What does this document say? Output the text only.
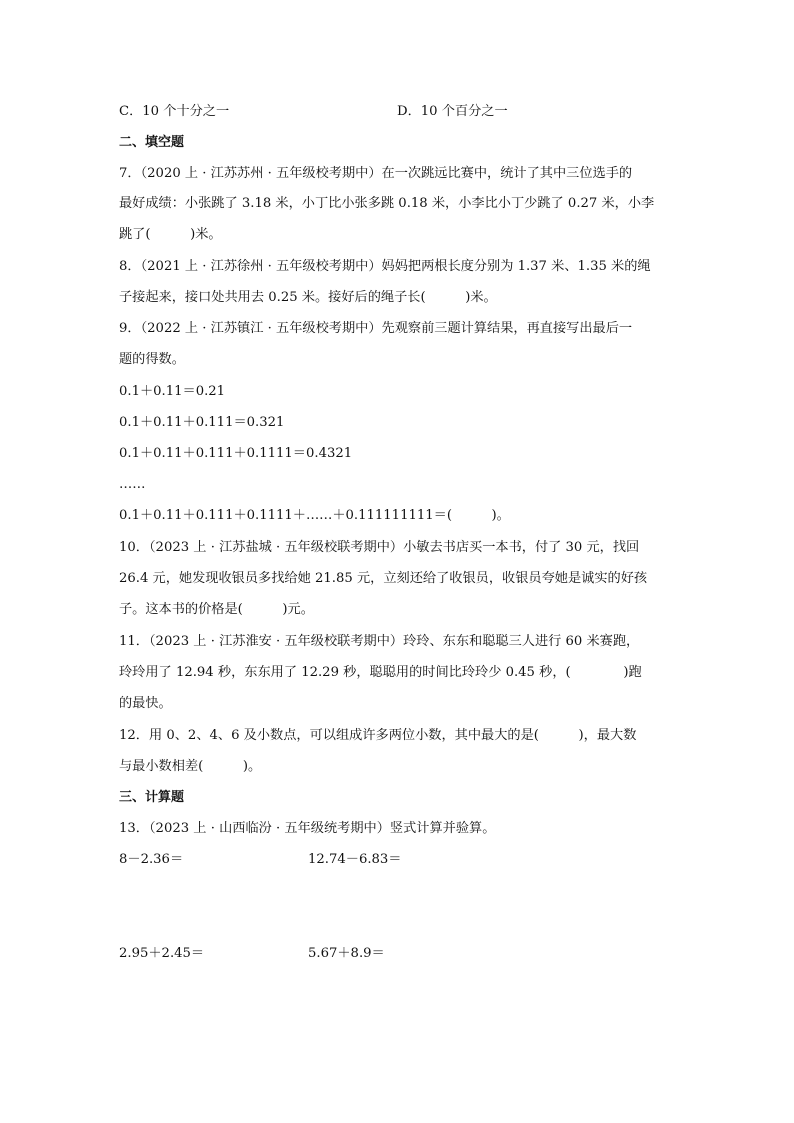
C．10 个十分之一	D．10 个百分之一
二、填空题
7．（2020 上 · 江苏苏州 · 五年级校考期中）在一次跳远比赛中，统计了其中三位选手的
最好成绩：小张跳了 3.18 米，小丁比小张多跳 0.18 米，小李比小丁少跳了 0.27 米，小李
跳了(　　　)米。
8．（2021 上 · 江苏徐州 · 五年级校考期中）妈妈把两根长度分别为 1.37 米、1.35 米的绳
子接起来，接口处共用去 0.25 米。接好后的绳子长(　　　)米。
9．（2022 上 · 江苏镇江 · 五年级校考期中）先观察前三题计算结果，再直接写出最后一
题的得数。
0.1＋0.11＝0.21
0.1＋0.11＋0.111＝0.321
0.1＋0.11＋0.111＋0.1111＝0.4321
……
0.1＋0.11＋0.111＋0.1111＋……＋0.111111111＝(　　　)。
10．（2023 上 · 江苏盐城 · 五年级校联考期中）小敏去书店买一本书，付了 30 元，找回
26.4 元，她发现收银员多找给她 21.85 元，立刻还给了收银员，收银员夸她是诚实的好孩
子。这本书的价格是(　　　)元。
11．（2023 上 · 江苏淮安 · 五年级校联考期中）玲玲、东东和聪聪三人进行 60 米赛跑，
玲玲用了 12.94 秒，东东用了 12.29 秒，聪聪用的时间比玲玲少 0.45 秒，(　　　　)跑
的最快。
12．用 0、2、4、6 及小数点，可以组成许多两位小数，其中最大的是(　　　)，最大数
与最小数相差(　　　)。
三、计算题
13．（2023 上 · 山西临汾 · 五年级统考期中）竖式计算并验算。
8－2.36＝	12.74－6.83＝
2.95＋2.45＝	5.67＋8.9＝
